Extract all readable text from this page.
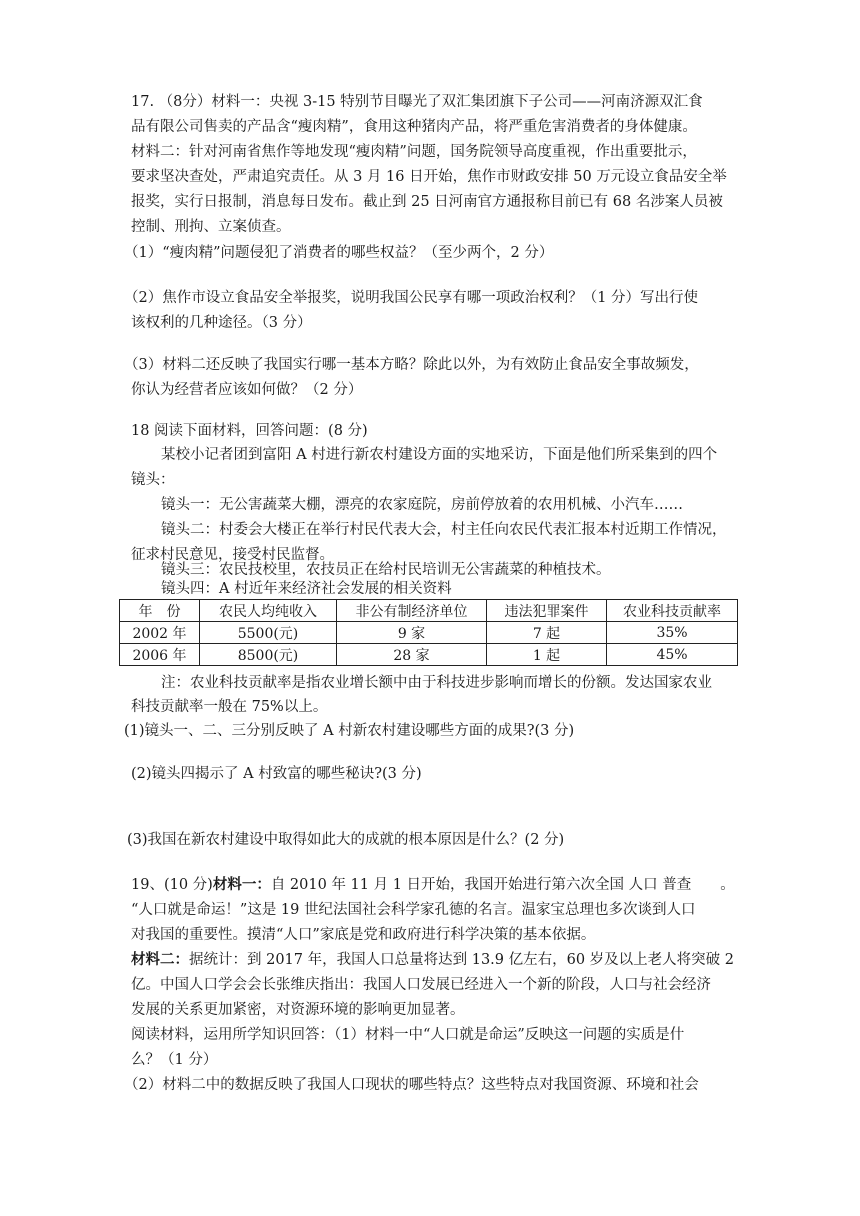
17. （8分）材料一：央视 3-15 特别节目曝光了双汇集团旗下子公司——河南济源双汇食
品有限公司售卖的产品含“瘦肉精”，食用这种猪肉产品，将严重危害消费者的身体健康。
材料二：针对河南省焦作等地发现“瘦肉精”问题，国务院领导高度重视，作出重要批示，
要求坚决查处，严肃追究责任。从 3 月 16 日开始，焦作市财政安排 50 万元设立食品安全举
报奖，实行日报制，消息每日发布。截止到 25 日河南官方通报称目前已有 68 名涉案人员被
控制、刑拘、立案侦查。
（1）“瘦肉精”问题侵犯了消费者的哪些权益？（至少两个，2 分）
（2）焦作市设立食品安全举报奖，说明我国公民享有哪一项政治权利？（1 分）写出行使
该权利的几种途径。（3 分）
（3）材料二还反映了我国实行哪一基本方略？除此以外，为有效防止食品安全事故频发，
你认为经营者应该如何做？（2 分）
18 阅读下面材料，回答问题：(8 分)
某校小记者团到富阳 A 村进行新农村建设方面的实地采访，下面是他们所采集到的四个
镜头：
镜头一：无公害蔬菜大棚，漂亮的农家庭院，房前停放着的农用机械、小汽车……
镜头二：村委会大楼正在举行村民代表大会，村主任向农民代表汇报本村近期工作情况，
征求村民意见，接受村民监督。
镜头三：农民技校里，农技员正在给村民培训无公害蔬菜的种植技术。
镜头四：A 村近年来经济社会发展的相关资料
年　份	农民人均纯收入	非公有制经济单位	违法犯罪案件	农业科技贡献率
2002 年	5500(元)	9 家	7 起	35%
2006 年	8500(元)	28 家	1 起	45%
注：农业科技贡献率是指农业增长额中由于科技进步影响而增长的份额。发达国家农业
科技贡献率一般在 75%以上。
(1)镜头一、二、三分别反映了 A 村新农村建设哪些方面的成果?(3 分)
(2)镜头四揭示了 A 村致富的哪些秘诀?(3 分)
(3)我国在新农村建设中取得如此大的成就的根本原因是什么？(2 分)
19、(10 分)材料一：自 2010 年 11 月 1 日开始，我国开始进行第六次全国 人口 普查　　。
“人口就是命运！”这是 19 世纪法国社会科学家孔德的名言。温家宝总理也多次谈到人口
对我国的重要性。摸清“人口”家底是党和政府进行科学决策的基本依据。
材料二：据统计：到 2017 年，我国人口总量将达到 13.9 亿左右，60 岁及以上老人将突破 2
亿。中国人口学会会长张维庆指出：我国人口发展已经进入一个新的阶段，人口与社会经济
发展的关系更加紧密，对资源环境的影响更加显著。
阅读材料，运用所学知识回答：（1）材料一中“人口就是命运”反映这一问题的实质是什
么？（1 分）
（2）材料二中的数据反映了我国人口现状的哪些特点？这些特点对我国资源、环境和社会
